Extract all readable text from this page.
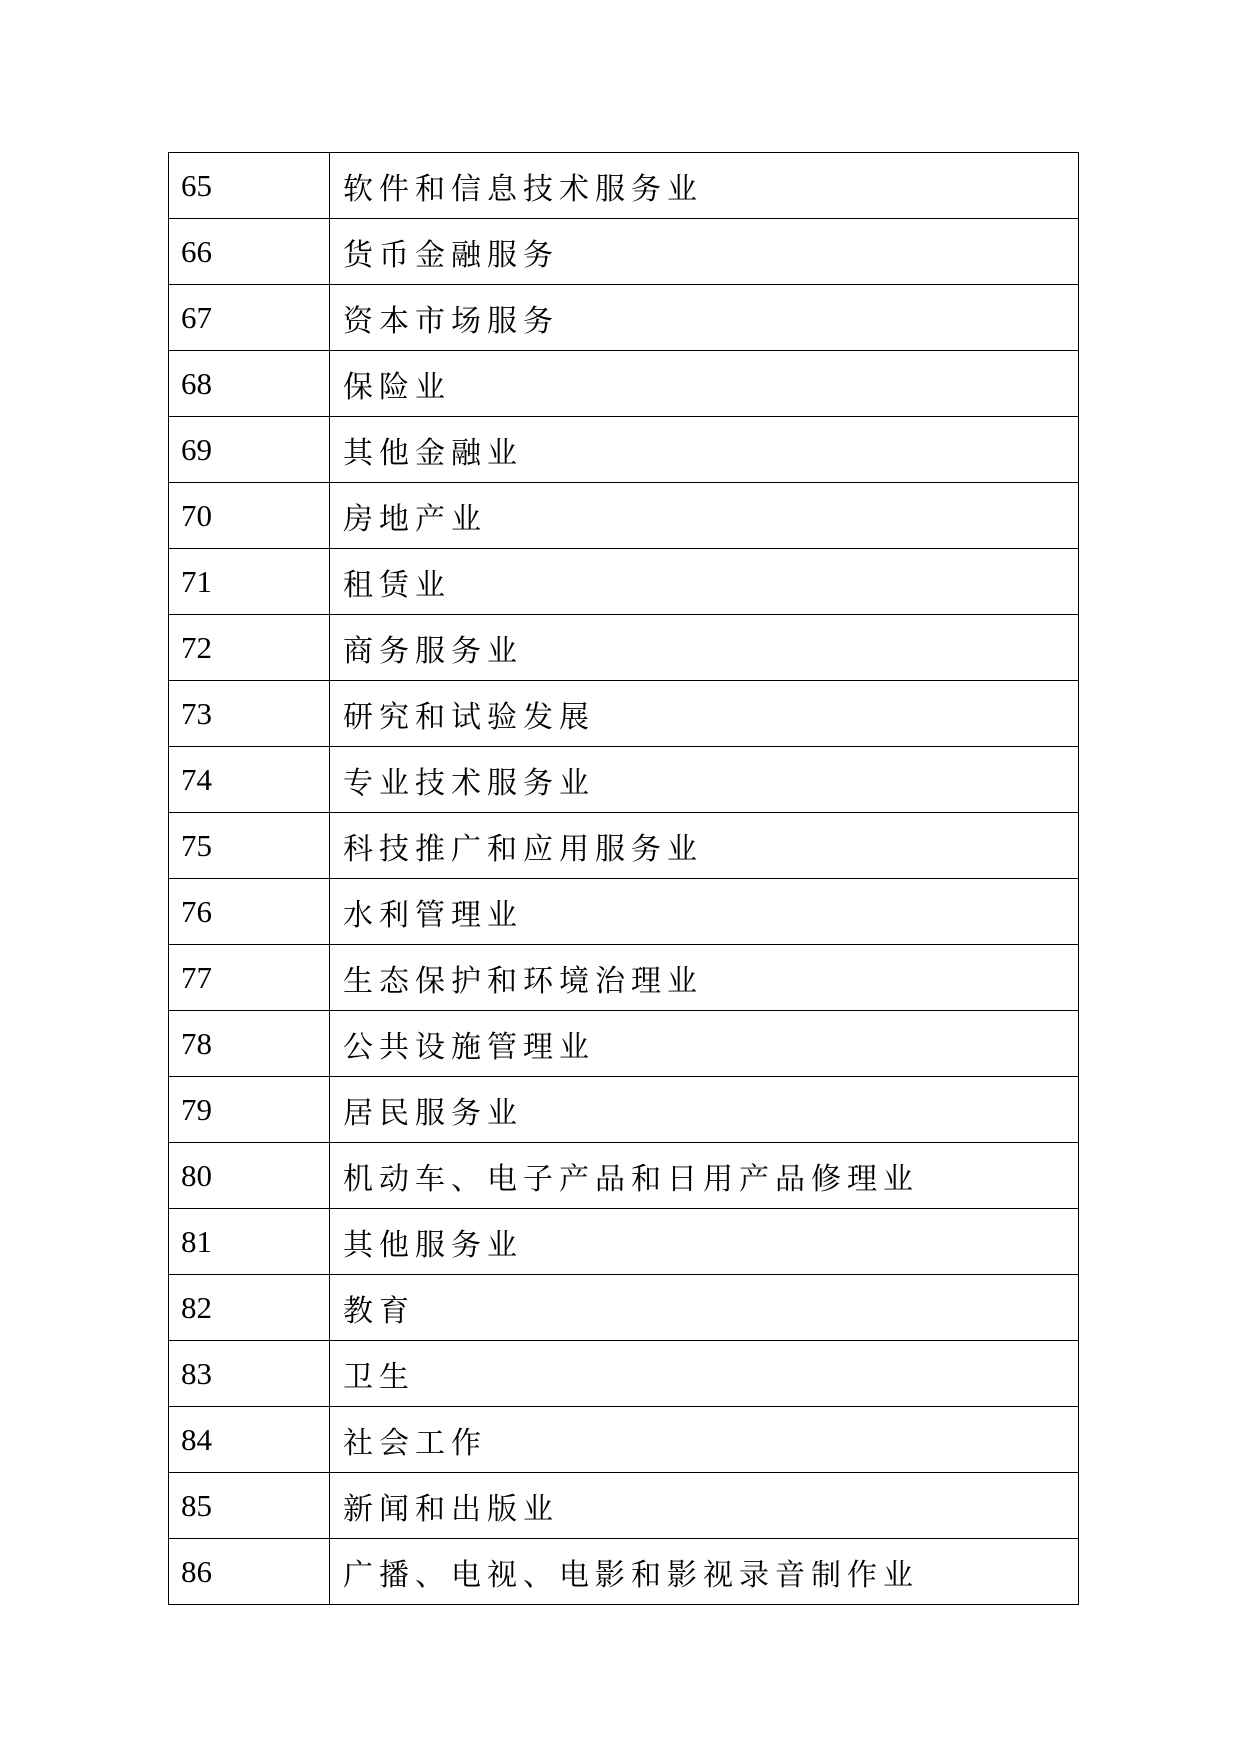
65	软件和信息技术服务业
66	货币金融服务
67	资本市场服务
68	保险业
69	其他金融业
70	房地产业
71	租赁业
72	商务服务业
73	研究和试验发展
74	专业技术服务业
75	科技推广和应用服务业
76	水利管理业
77	生态保护和环境治理业
78	公共设施管理业
79	居民服务业
80	机动车、电子产品和日用产品修理业
81	其他服务业
82	教育
83	卫生
84	社会工作
85	新闻和出版业
86	广播、电视、电影和影视录音制作业
